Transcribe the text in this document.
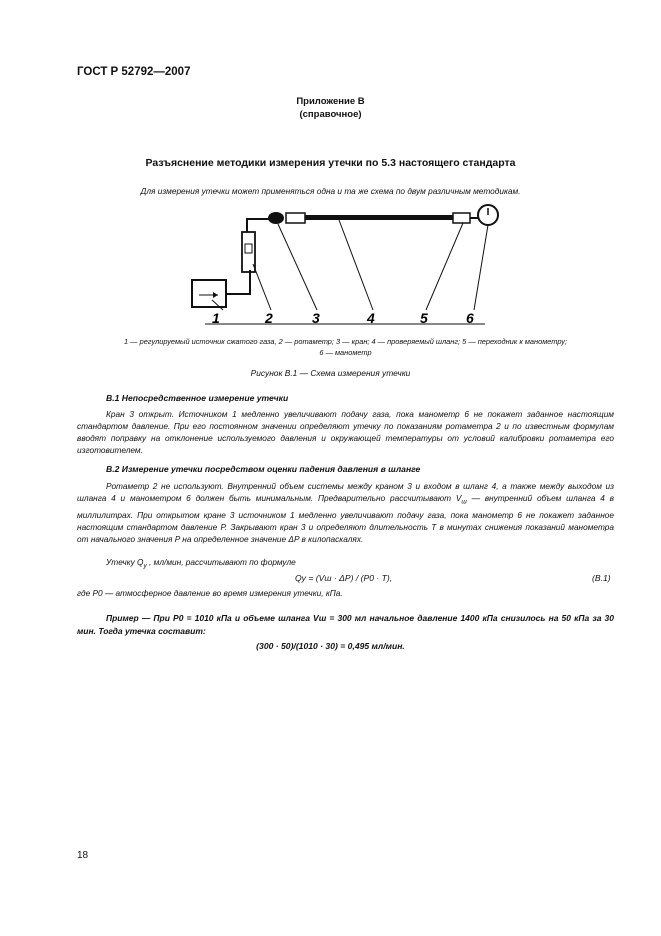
ГОСТ Р 52792—2007
Приложение В
(справочное)
Разъяснение методики измерения утечки по 5.3 настоящего стандарта
Для измерения утечки может применяться одна и та же схема по двум различным методикам.
1	2	3	4	5	6
1 — регулируемый источник сжатого газа, 2 — ротаметр; 3 — кран; 4 — проверяемый шланг; 5 — переходник к манометру;
6 — манометр
Рисунок В.1 — Схема измерения утечки
В.1 Непосредственное измерение утечки
Кран 3 открыт. Источником 1 медленно увеличивают подачу газа, пока манометр 6 не покажет заданное настоящим стандартом давление. При его постоянном значении определяют утечку по показаниям ротаметра 2 и по известным формулам вводят поправку на отклонение используемого давления и окружающей температуры от условий калибровки ротаметра его изготовителем.
В.2 Измерение утечки посредством оценки падения давления в шланге
Ротаметр 2 не используют. Внутренний объем системы между краном 3 и входом в шланг 4, а также между выходом из шланга 4 и манометром 6 должен быть минимальным. Предварительно рассчитывают $V_ш$ — внутренний объем шланга 4 в миллилитрах. При открытом кране 3 источником 1 медленно увеличивают подачу газа, пока манометр 6 не покажет заданное настоящим стандартом давление P. Закрывают кран 3 и определяют длительность T в минутах снижения показаний манометра от начального значения P на определенное значение ΔP в килопаскалях.
Утечку $Q_у$ , мл/мин, рассчитывают по формуле
Qу = (Vш · ΔP) / (P0 · T),	(В.1)
где P0 — атмосферное давление во время измерения утечки, кПа.
Пример — При P0 = 1010 кПа и объеме шланга Vш = 300 мл начальное давление 1400 кПа снизилось на 50 кПа за 30 мин. Тогда утечка составит:
(300 · 50)/(1010 · 30) = 0,495 мл/мин.
18
